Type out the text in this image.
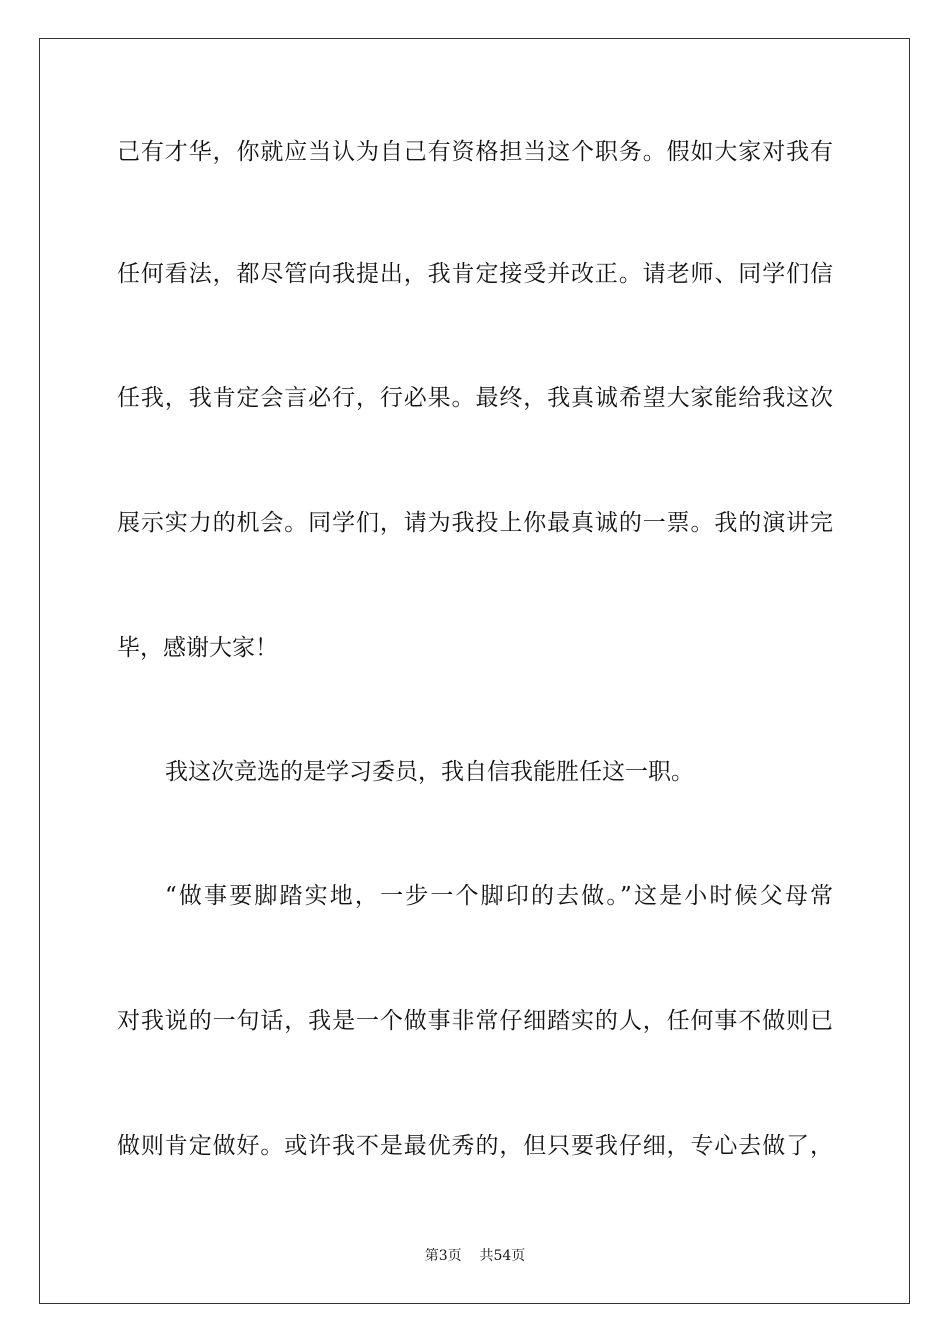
己有才华，你就应当认为自己有资格担当这个职务。假如大家对我有
任何看法，都尽管向我提出，我肯定接受并改正。请老师、同学们信
任我，我肯定会言必行，行必果。最终，我真诚希望大家能给我这次
展示实力的机会。同学们，请为我投上你最真诚的一票。我的演讲完
毕，感谢大家！
我这次竞选的是学习委员，我自信我能胜任这一职。
“做事要脚踏实地，一步一个脚印的去做。”这是小时候父母常
对我说的一句话，我是一个做事非常仔细踏实的人，任何事不做则已
做则肯定做好。或许我不是最优秀的，但只要我仔细，专心去做了，
第3页 共54页
